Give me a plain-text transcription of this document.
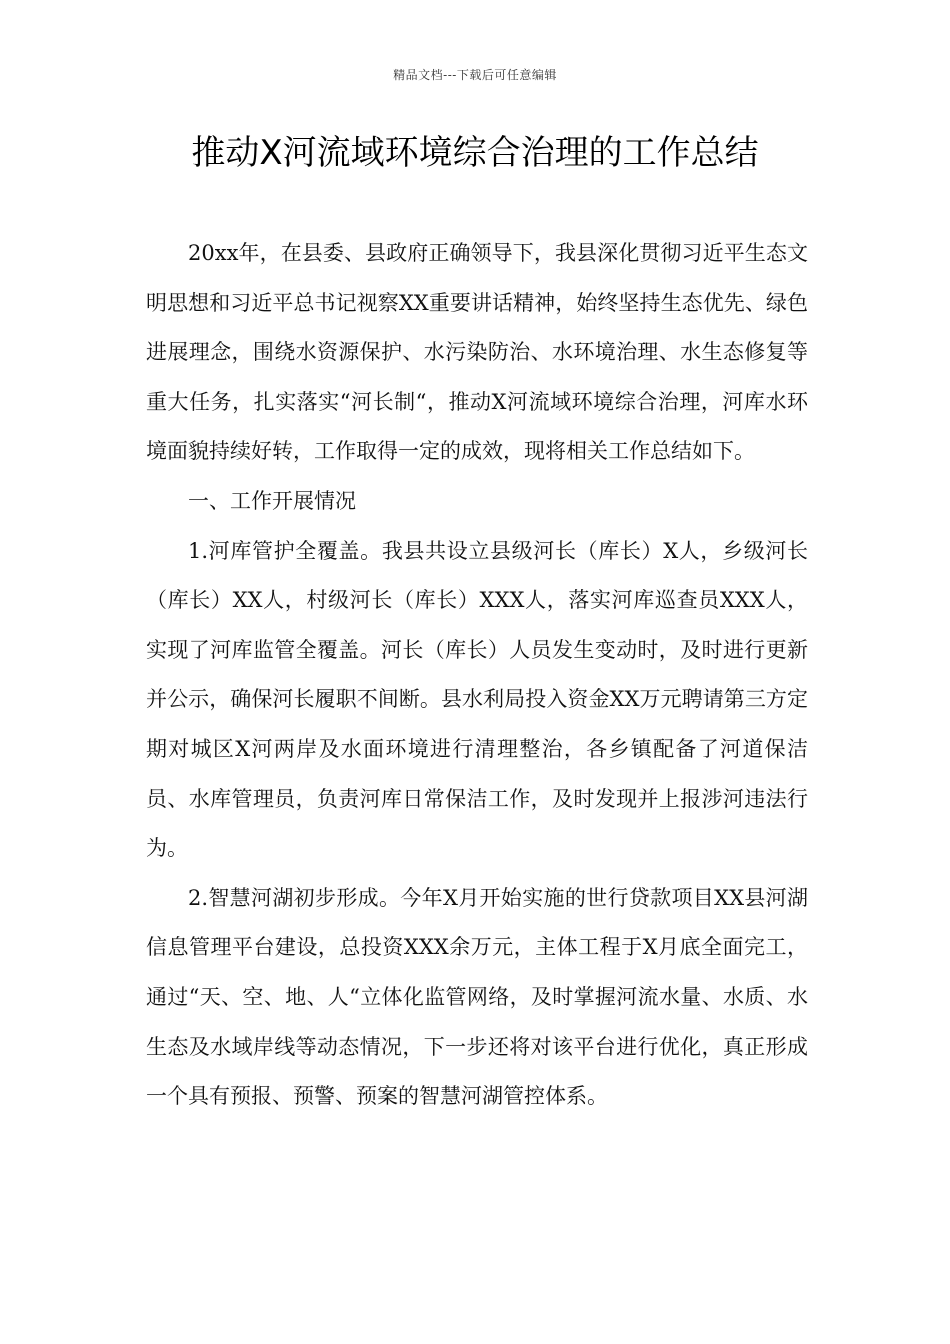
精品文档---下载后可任意编辑
推动X河流域环境综合治理的工作总结

20xx年，在县委、县政府正确领导下，我县深化贯彻习近平生态文明思想和习近平总书记视察XX重要讲话精神，始终坚持生态优先、绿色进展理念，围绕水资源保护、水污染防治、水环境治理、水生态修复等重大任务，扎实落实“河长制“，推动X河流域环境综合治理，河库水环境面貌持续好转，工作取得一定的成效，现将相关工作总结如下。

一、工作开展情况

1.河库管护全覆盖。我县共设立县级河长（库长）X人，乡级河长（库长）XX人，村级河长（库长）XXX人，落实河库巡查员XXX人，实现了河库监管全覆盖。河长（库长）人员发生变动时，及时进行更新并公示，确保河长履职不间断。县水利局投入资金XX万元聘请第三方定期对城区X河两岸及水面环境进行清理整治，各乡镇配备了河道保洁员、水库管理员，负责河库日常保洁工作，及时发现并上报涉河违法行为。

2.智慧河湖初步形成。今年X月开始实施的世行贷款项目XX县河湖信息管理平台建设，总投资XXX余万元，主体工程于X月底全面完工，通过“天、空、地、人“立体化监管网络，及时掌握河流水量、水质、水生态及水域岸线等动态情况，下一步还将对该平台进行优化，真正形成一个具有预报、预警、预案的智慧河湖管控体系。
